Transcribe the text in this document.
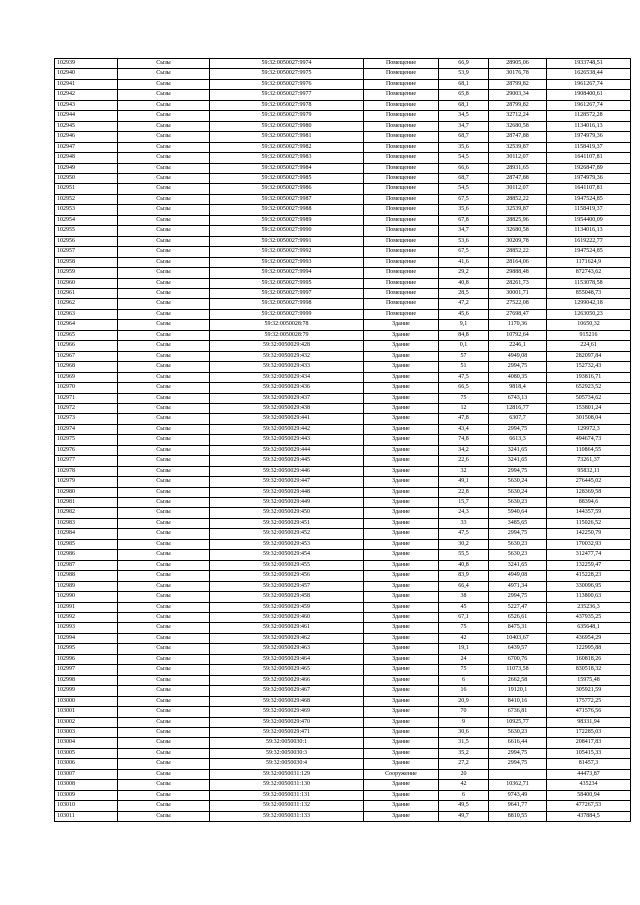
102939	Сызы	59:32:0050027:9974	Помещение	66,9	28905,06	1933748,51
102940	Сызы	59:32:0050027:9975	Помещение	53,9	30176,78	1626538,44
102941	Сызы	59:32:0050027:9976	Помещение	68,1	28799,82	1961267,74
102942	Сызы	59:32:0050027:9977	Помещение	65,8	29003,34	1908400,61
102943	Сызы	59:32:0050027:9978	Помещение	68,1	28799,82	1961267,74
102944	Сызы	59:32:0050027:9979	Помещение	34,5	32712,24	1128572,28
102945	Сызы	59:32:0050027:9980	Помещение	34,7	32680,58	1134016,13
102946	Сызы	59:32:0050027:9981	Помещение	68,7	28747,88	1974979,36
102947	Сызы	59:32:0050027:9982	Помещение	35,6	32539,87	1158419,37
102948	Сызы	59:32:0050027:9983	Помещение	54,5	30112,07	1641107,81
102949	Сызы	59:32:0050027:9984	Помещение	66,6	28931,65	1926847,89
102950	Сызы	59:32:0050027:9985	Помещение	68,7	28747,88	1974979,36
102951	Сызы	59:32:0050027:9986	Помещение	54,5	30112,07	1641107,81
102952	Сызы	59:32:0050027:9987	Помещение	67,5	28852,22	1947524,85
102953	Сызы	59:32:0050027:9988	Помещение	35,6	32539,87	1158419,37
102954	Сызы	59:32:0050027:9989	Помещение	67,8	28825,96	1954400,09
102955	Сызы	59:32:0050027:9990	Помещение	34,7	32680,58	1134016,13
102956	Сызы	59:32:0050027:9991	Помещение	53,6	30209,78	1619222,77
102957	Сызы	59:32:0050027:9992	Помещение	67,5	28852,22	1947524,85
102958	Сызы	59:32:0050027:9993	Помещение	41,6	28164,06	1171624,9
102959	Сызы	59:32:0050027:9994	Помещение	29,2	29888,48	872743,62
102960	Сызы	59:32:0050027:9995	Помещение	40,8	28261,73	1153078,58
102961	Сызы	59:32:0050027:9997	Помещение	28,5	30001,71	855048,73
102962	Сызы	59:32:0050027:9998	Помещение	47,2	27522,08	1299042,18
102963	Сызы	59:32:0050027:9999	Помещение	45,6	27698,47	1263050,23
102964	Сызы	59:32:0050028:78	Здание	9,1	1170,36	10650,32
102965	Сызы	59:32:0050028:79	Здание	84,8	10792,64	915216
102966	Сызы	59:32:0050029:428	Здание	0,1	2246,1	224,61
102967	Сызы	59:32:0050029:432	Здание	57	4949,08	282097,84
102968	Сызы	59:32:0050029:433	Здание	51	2994,75	152732,43
102969	Сызы	59:32:0050029:434	Здание	47,5	4080,35	193816,71
102970	Сызы	59:32:0050029:436	Здание	66,5	9818,4	652923,52
102971	Сызы	59:32:0050029:437	Здание	75	6743,13	505734,62
102972	Сызы	59:32:0050029:438	Здание	12	12816,77	153801,24
102973	Сызы	59:32:0050029:441	Здание	47,8	6307,7	301508,04
102974	Сызы	59:32:0050029:442	Здание	43,4	2994,75	129972,3
102975	Сызы	59:32:0050029:443	Здание	74,8	6613,3	494674,73
102976	Сызы	59:32:0050029:444	Здание	34,2	3241,65	110864,55
102977	Сызы	59:32:0050029:445	Здание	22,6	3241,65	73261,37
102978	Сызы	59:32:0050029:446	Здание	32	2994,75	95832,11
102979	Сызы	59:32:0050029:447	Здание	49,1	5630,24	276445,02
102980	Сызы	59:32:0050029:448	Здание	22,8	5630,24	128369,58
102981	Сызы	59:32:0050029:449	Здание	15,7	5630,23	88394,6
102982	Сызы	59:32:0050029:450	Здание	24,3	5940,64	144357,59
102983	Сызы	59:32:0050029:451	Здание	33	3485,65	115026,52
102984	Сызы	59:32:0050029:452	Здание	47,5	2994,75	142250,79
102985	Сызы	59:32:0050029:453	Здание	30,2	5630,23	170032,93
102986	Сызы	59:32:0050029:454	Здание	55,5	5630,23	312477,74
102987	Сызы	59:32:0050029:455	Здание	40,8	3241,65	132259,47
102988	Сызы	59:32:0050029:456	Здание	83,9	4949,08	415228,23
102989	Сызы	59:32:0050029:457	Здание	66,4	4971,34	330096,95
102990	Сызы	59:32:0050029:458	Здание	38	2994,75	113800,63
102991	Сызы	59:32:0050029:459	Здание	45	5227,47	235236,3
102992	Сызы	59:32:0050029:460	Здание	67,1	6526,61	437935,25
102993	Сызы	59:32:0050029:461	Здание	75	8475,31	635648,1
102994	Сызы	59:32:0050029:462	Здание	42	10403,67	436954,29
102995	Сызы	59:32:0050029:463	Здание	19,1	6439,57	122995,88
102996	Сызы	59:32:0050029:464	Здание	24	6700,76	160818,26
102997	Сызы	59:32:0050029:465	Здание	75	11073,58	830518,32
102998	Сызы	59:32:0050029:466	Здание	6	2662,58	15975,48
102999	Сызы	59:32:0050029:467	Здание	16	19120,1	305921,59
103000	Сызы	59:32:0050029:468	Здание	20,9	8410,16	175772,25
103001	Сызы	59:32:0050029:469	Здание	70	6736,81	471576,56
103002	Сызы	59:32:0050029:470	Здание	9	10925,77	98331,94
103003	Сызы	59:32:0050029:471	Здание	30,6	5630,23	172285,03
103004	Сызы	59:32:0050030:1	Здание	31,5	6616,44	208417,83
103005	Сызы	59:32:0050030:3	Здание	35,2	2994,75	105415,33
103006	Сызы	59:32:0050030:4	Здание	27,2	2994,75	81457,3
103007	Сызы	59:32:0050031:129	Сооружение	20		44473,87
103008	Сызы	59:32:0050031:130	Здание	42	10362,71	435234
103009	Сызы	59:32:0050031:131	Здание	6	9743,49	58400,94
103010	Сызы	59:32:0050031:132	Здание	49,5	9641,77	477267,53
103011	Сызы	59:32:0050031:133	Здание	49,7	8810,55	437884,5
